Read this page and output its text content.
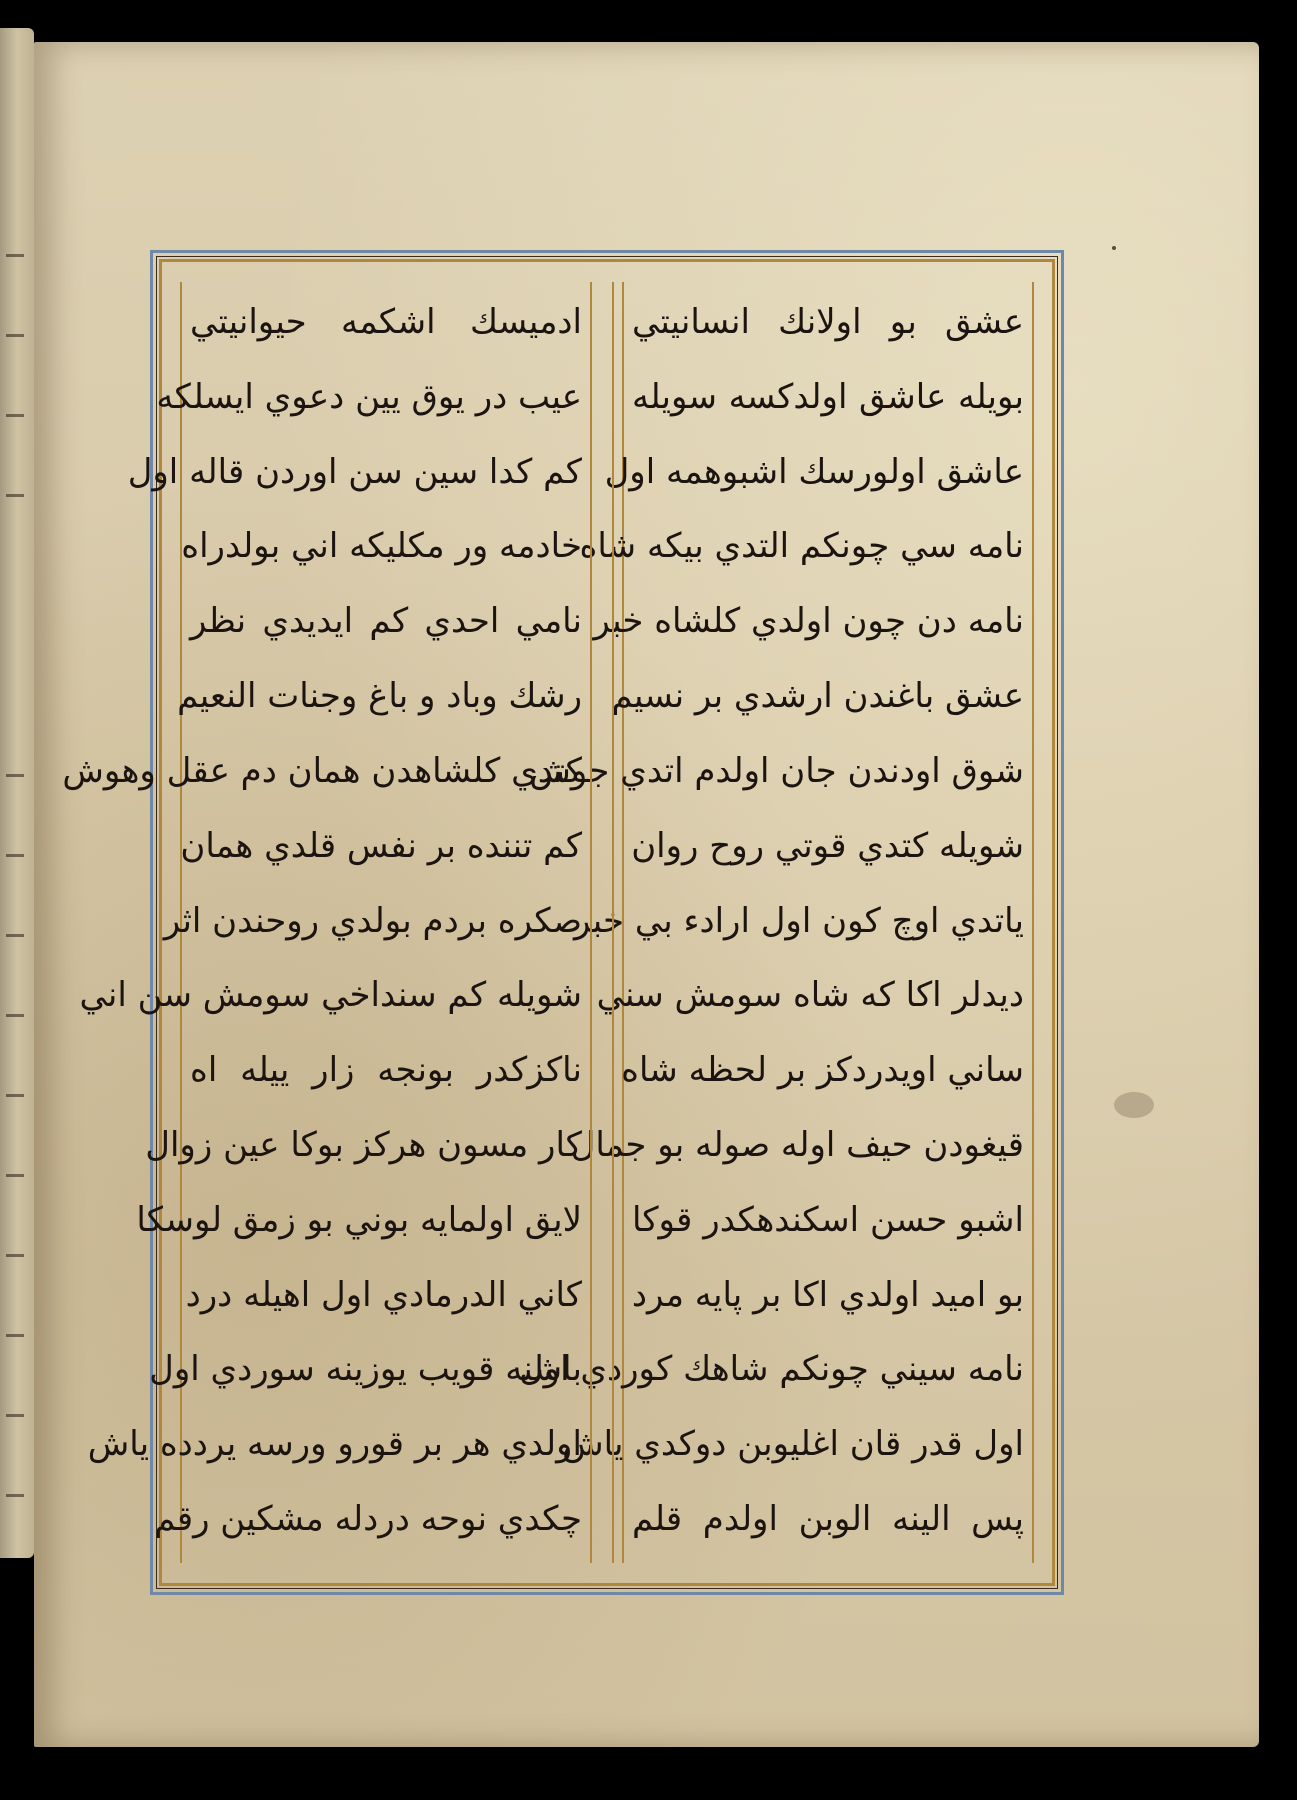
عشق بو اولانك انسانيتي
بويله عاشق اولدكسه سويله
عاشق اولورسك اشبوهمه اول
نامه سي چونكم التدي بيكه شاه
نامه دن چون اولدي كلشاه خبر
عشق باغندن ارشدي بر نسيم
شوق اودندن جان اولدم اتدي جوش
شويله كتدي قوتي روح روان
ياتدي اوچ كون اول ارادء بي خبر
ديدلر اكا كه شاه سومش سني
ساني اويدردكز بر لحظه شاه
قيغودن حيف اوله صوله بو جمال
اشبو حسن اسكندهكدر قوكا
بو اميد اولدي اكا بر پايه مرد
نامه سيني چونكم شاهك كوردي اول
اول قدر قان اغليوبن دوكدي ياش
پس الينه الوبن اولدم قلم
ادميسك اشكمه حيوانيتي
عيب در يوق يين دعوي ايسلكه
كم كدا سين سن اوردن قاله اول
خادمه ور مكليكه اني بولدراه
نامي احدي كم ايديدي نظر
رشك وباد و باغ وجنات النعيم
كتدي كلشاهدن همان دم عقل وهوش
كم تننده بر نفس قلدي همان
صكره بردم بولدي روحندن اثر
شويله كم سنداخي سومش سن اني
ناكزكدر بونجه زار ييله اه
كار مسون هركز بوكا عين زوال
لايق اولمايه بوني بو زمق لوسكا
كاني الدرمادي اول اهيله درد
باشنه قويب يوزينه سوردي اول
اولدي هر بر قورو ورسه يردده ياش
چكدي نوحه دردله مشكين رقم
